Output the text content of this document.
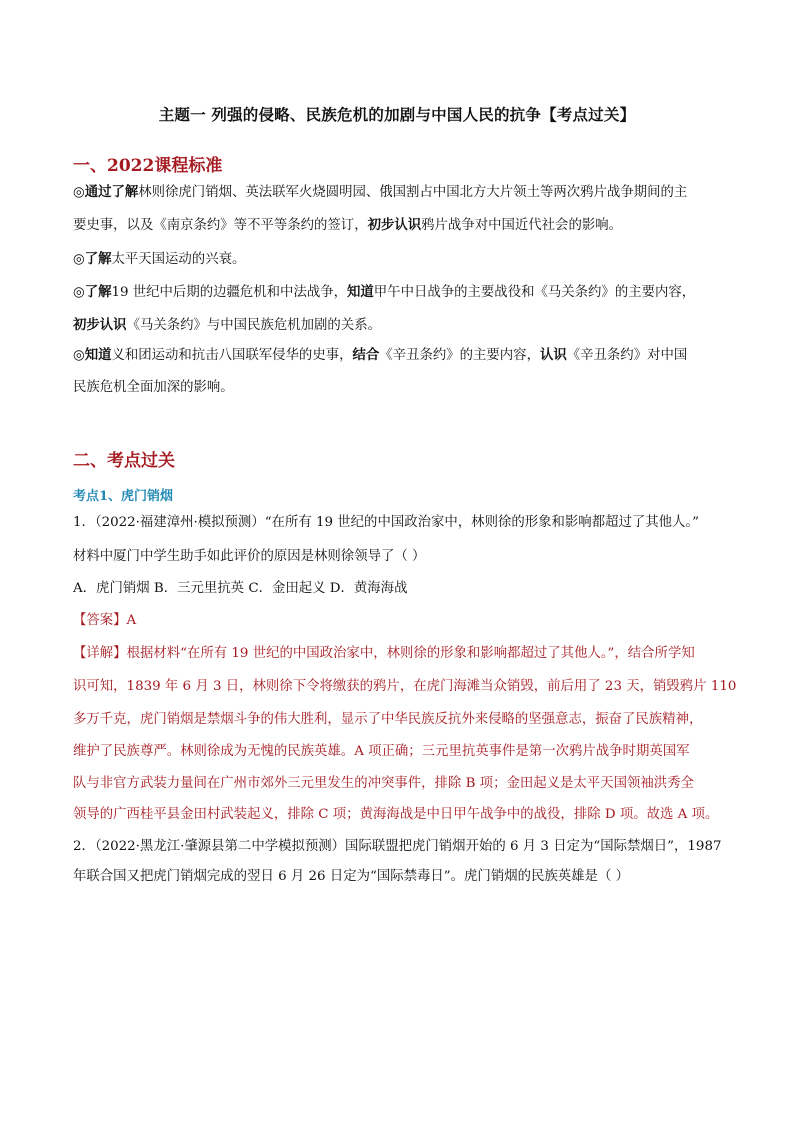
主题一 列强的侵略、民族危机的加剧与中国人民的抗争【考点过关】
一、2022课程标准
◎通过了解林则徐虎门销烟、英法联军火烧圆明园、俄国割占中国北方大片领土等两次鸦片战争期间的主
要史事，以及《南京条约》等不平等条约的签订，初步认识鸦片战争对中国近代社会的影响。
◎了解太平天国运动的兴衰。
◎了解19 世纪中后期的边疆危机和中法战争，知道甲午中日战争的主要战役和《马关条约》的主要内容，
初步认识《马关条约》与中国民族危机加剧的关系。
◎知道义和团运动和抗击八国联军侵华的史事，结合《辛丑条约》的主要内容，认识《辛丑条约》对中国
民族危机全面加深的影响。
二、考点过关
考点1、虎门销烟
1．（2022·福建漳州·模拟预测）“在所有 19 世纪的中国政治家中，林则徐的形象和影响都超过了其他人。”
材料中厦门中学生助手如此评价的原因是林则徐领导了（ ）
A．虎门销烟 B．三元里抗英 C．金田起义 D．黄海海战
【答案】A
【详解】根据材料“在所有 19 世纪的中国政治家中，林则徐的形象和影响都超过了其他人。”，结合所学知
识可知，1839 年 6 月 3 日，林则徐下令将缴获的鸦片，在虎门海滩当众销毁，前后用了 23 天，销毁鸦片 110
多万千克，虎门销烟是禁烟斗争的伟大胜利，显示了中华民族反抗外来侵略的坚强意志，振奋了民族精神，
维护了民族尊严。林则徐成为无愧的民族英雄。A 项正确；三元里抗英事件是第一次鸦片战争时期英国军
队与非官方武装力量间在广州市郊外三元里发生的冲突事件，排除 B 项；金田起义是太平天国领袖洪秀全
领导的广西桂平县金田村武装起义，排除 C 项；黄海海战是中日甲午战争中的战役，排除 D 项。故选 A 项。
2．（2022·黑龙江·肇源县第二中学模拟预测）国际联盟把虎门销烟开始的 6 月 3 日定为“国际禁烟日”，1987
年联合国又把虎门销烟完成的翌日 6 月 26 日定为“国际禁毒日”。虎门销烟的民族英雄是（ ）
